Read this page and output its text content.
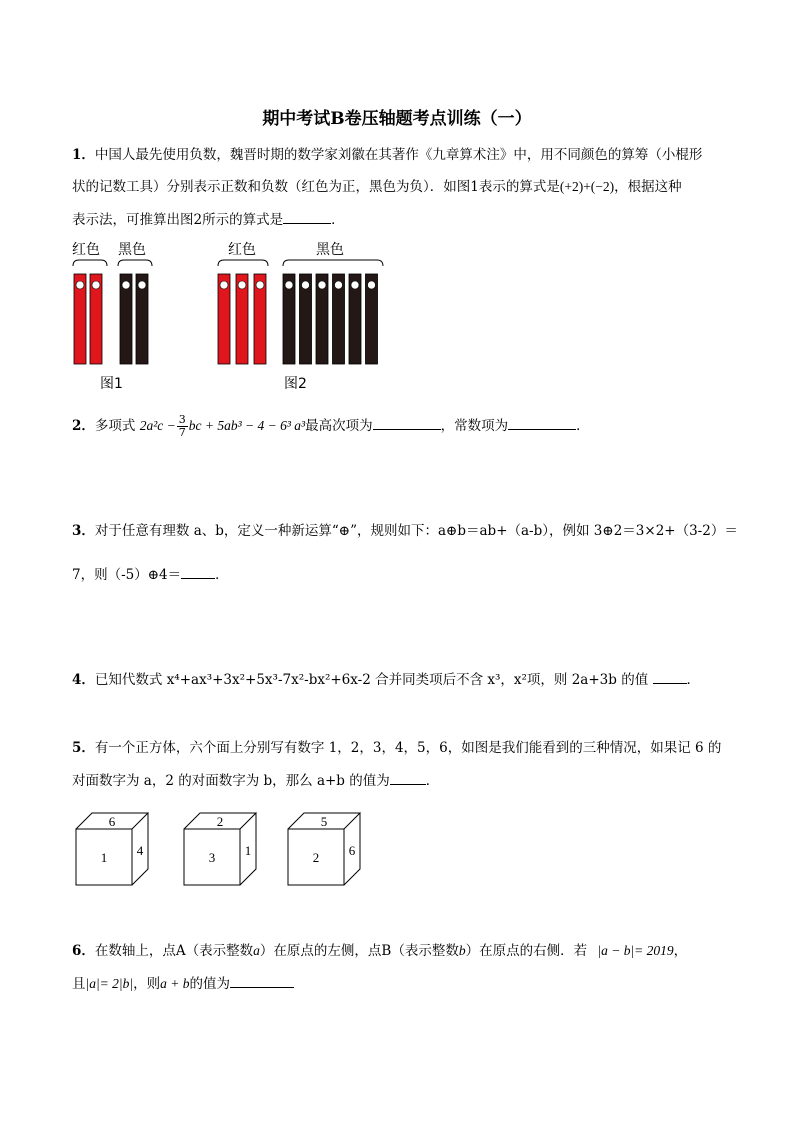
期中考试B卷压轴题考点训练（一）
1．中国人最先使用负数，魏晋时期的数学家刘徽在其著作《九章算术注》中，用不同颜色的算筹（小棍形
状的记数工具）分别表示正数和负数（红色为正，黑色为负）．如图1表示的算式是(+2)+(−2)，根据这种
表示法，可推算出图2所示的算式是	．
红色 黑色	红色	黑色
图1	图2
2．多项式 $2a^2c - \frac{3}{7}$ bc + 5ab³ − 4 − 6³ a³最高次项为	，常数项为	．
3．对于任意有理数 a、b，定义一种新运算“⊕”，规则如下：a⊕b＝ab+（a-b），例如 3⊕2＝3×2+（3-2）＝
7，则（-5）⊕4＝	．
4．已知代数式 x⁴+ax³+3x²+5x³-7x²-bx²+6x-2 合并同类项后不含 x³，x²项，则 2a+3b 的值	．
5．有一个正方体，六个面上分别写有数字 1，2，3，4，5，6，如图是我们能看到的三种情况，如果记 6 的
对面数字为 a，2 的对面数字为 b，那么 a+b 的值为	．
6
1 4
2
3 1
5
2 6
6．在数轴上，点A（表示整数a）在原点的左侧，点B（表示整数b）在原点的右侧．若 |a − b|= 2019，
且|a|= 2|b|，则a + b的值为
